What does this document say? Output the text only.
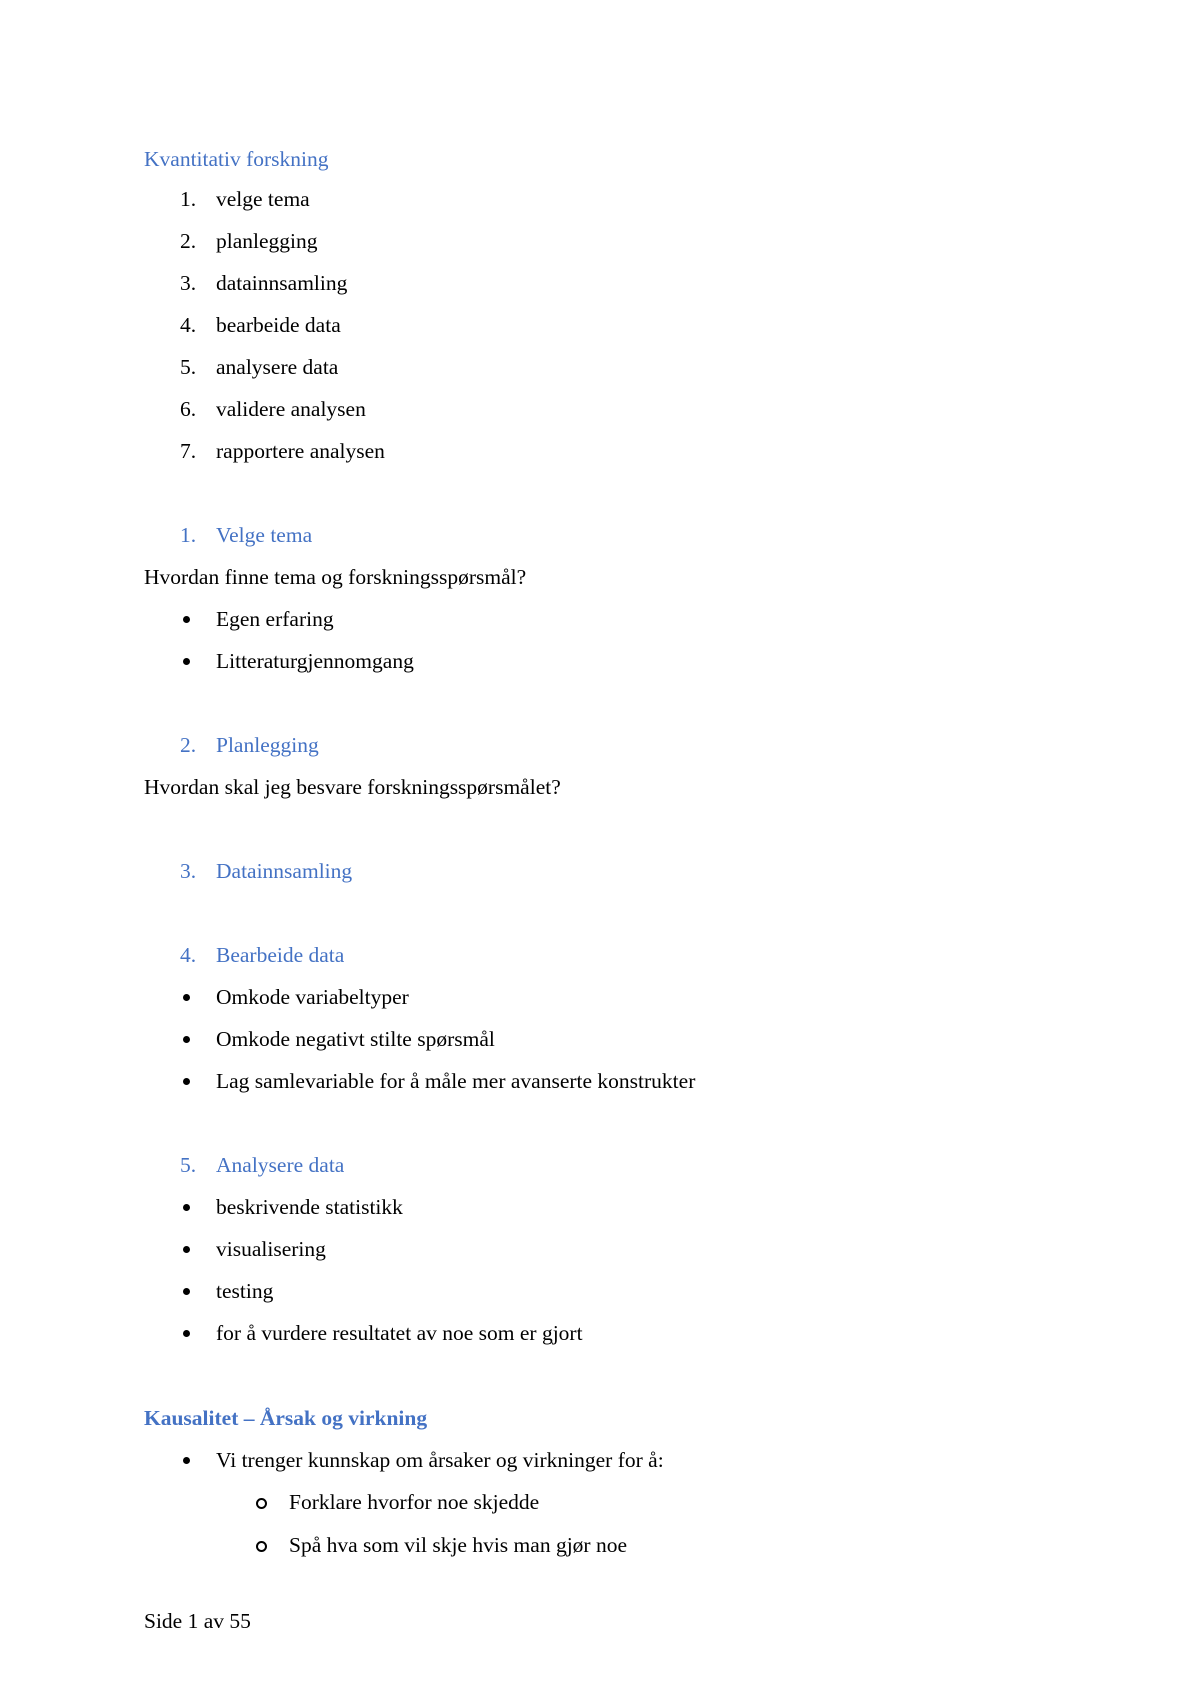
Kvantitativ forskning
1. velge tema
2. planlegging
3. datainnsamling
4. bearbeide data
5. analysere data
6. validere analysen
7. rapportere analysen
1. Velge tema
Hvordan finne tema og forskningsspørsmål?
Egen erfaring
Litteraturgjennomgang
2. Planlegging
Hvordan skal jeg besvare forskningsspørsmålet?
3. Datainnsamling
4. Bearbeide data
Omkode variabeltyper
Omkode negativt stilte spørsmål
Lag samlevariable for å måle mer avanserte konstrukter
5. Analysere data
beskrivende statistikk
visualisering
testing
for å vurdere resultatet av noe som er gjort
Kausalitet – Årsak og virkning
Vi trenger kunnskap om årsaker og virkninger for å:
Forklare hvorfor noe skjedde
Spå hva som vil skje hvis man gjør noe
Side 1 av 55
